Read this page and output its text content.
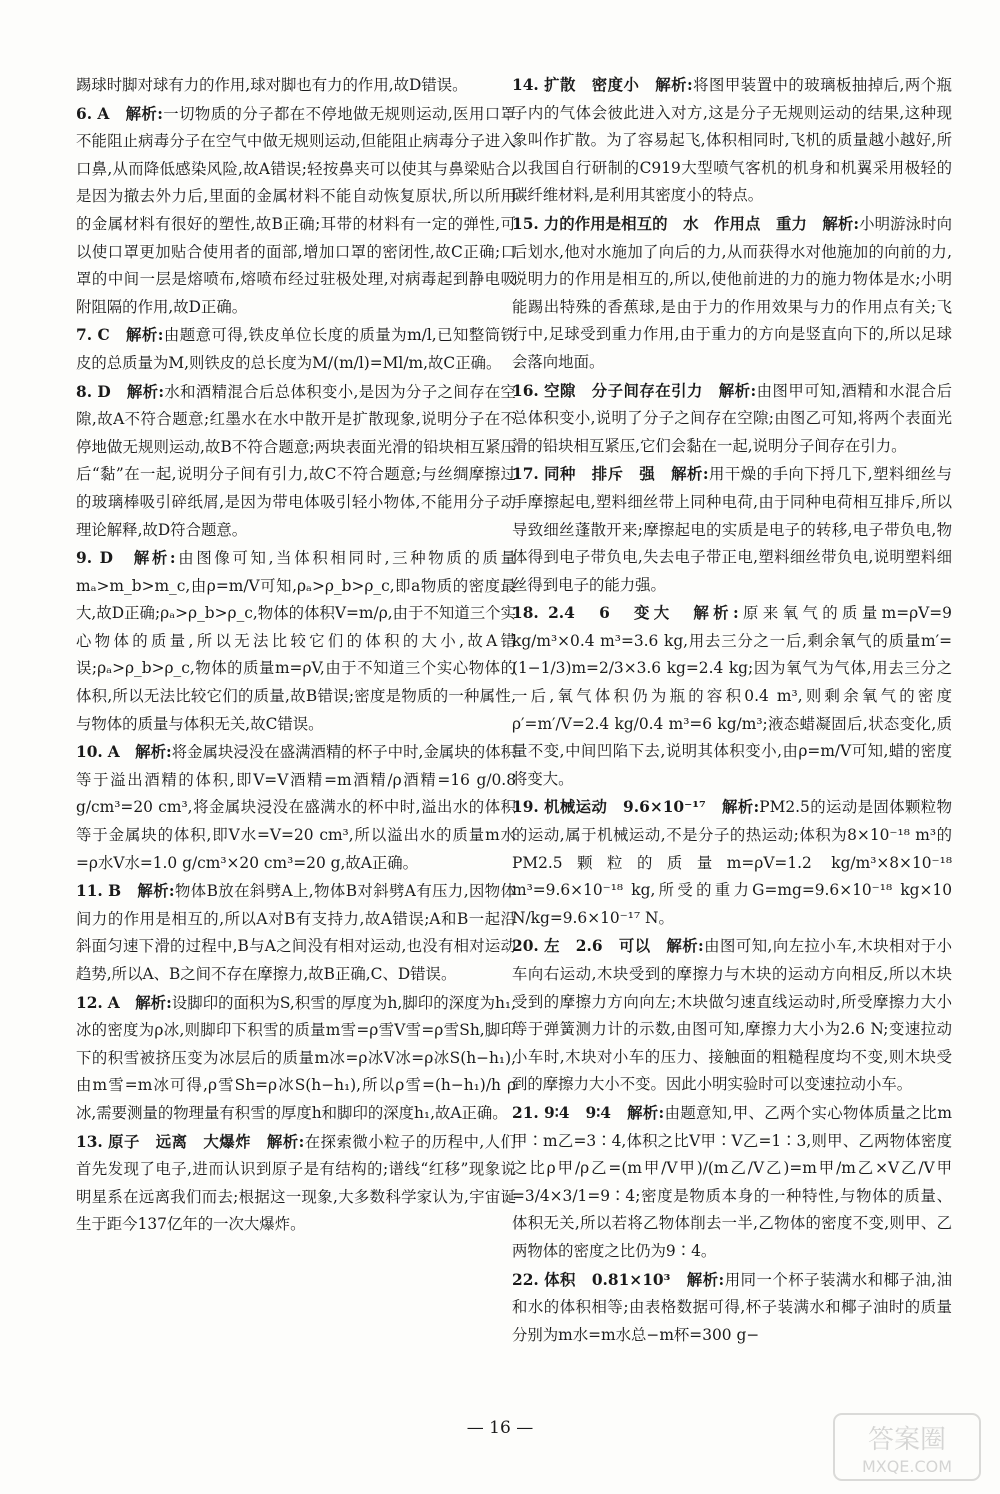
踢球时脚对球有力的作用,球对脚也有力的作用,故D错误。
6. A　 解析:一切物质的分子都在不停地做无规则运动,医用口罩不能阻止病毒分子在空气中做无规则运动,但能阻止病毒分子进入口鼻,从而降低感染风险,故A错误;轻按鼻夹可以使其与鼻梁贴合,是因为撤去外力后,里面的金属材料不能自动恢复原状,所以所用的金属材料有很好的塑性,故B正确;耳带的材料有一定的弹性,可以使口罩更加贴合使用者的面部,增加口罩的密闭性,故C正确;口罩的中间一层是熔喷布,熔喷布经过驻极处理,对病毒起到静电吸附阻隔的作用,故D正确。
7. C　 解析:由题意可得,铁皮单位长度的质量为m/l,已知整筒铁皮的总质量为M,则铁皮的总长度为M/(m/l)=Ml/m,故C正确。
8. D　 解析:水和酒精混合后总体积变小,是因为分子之间存在空隙,故A不符合题意;红墨水在水中散开是扩散现象,说明分子在不停地做无规则运动,故B不符合题意;两块表面光滑的铅块相互紧压后“黏”在一起,说明分子间有引力,故C不符合题意;与丝绸摩擦过的玻璃棒吸引碎纸屑,是因为带电体吸引轻小物体,不能用分子动理论解释,故D符合题意。
9. D　 解析:由图像可知,当体积相同时,三种物质的质量mₐ>m_b>m_c,由ρ=m/V可知,ρₐ>ρ_b>ρ_c,即a物质的密度最大,故D正确;ρₐ>ρ_b>ρ_c,物体的体积V=m/ρ,由于不知道三个实心物体的质量,所以无法比较它们的体积的大小,故A错误;ρₐ>ρ_b>ρ_c,物体的质量m=ρV,由于不知道三个实心物体的体积,所以无法比较它们的质量,故B错误;密度是物质的一种属性,与物体的质量与体积无关,故C错误。
10. A　 解析:将金属块浸没在盛满酒精的杯子中时,金属块的体积等于溢出酒精的体积,即V=V酒精=m酒精/ρ酒精=16 g/0.8 g/cm³=20 cm³,将金属块浸没在盛满水的杯中时,溢出水的体积等于金属块的体积,即V水=V=20 cm³,所以溢出水的质量m水=ρ水V水=1.0 g/cm³×20 cm³=20 g,故A正确。
11. B　 解析:物体B放在斜劈A上,物体B对斜劈A有压力,因物体间力的作用是相互的,所以A对B有支持力,故A错误;A和B一起沿斜面匀速下滑的过程中,B与A之间没有相对运动,也没有相对运动趋势,所以A、B之间不存在摩擦力,故B正确,C、D错误。
12. A　 解析:设脚印的面积为S,积雪的厚度为h,脚印的深度为h₁,冰的密度为ρ冰,则脚印下积雪的质量m雪=ρ雪V雪=ρ雪Sh,脚印下的积雪被挤压变为冰层后的质量m冰=ρ冰V冰=ρ冰S(h−h₁),由m雪=m冰可得,ρ雪Sh=ρ冰S(h−h₁),所以ρ雪=(h−h₁)/h ρ冰,需要测量的物理量有积雪的厚度h和脚印的深度h₁,故A正确。
13. 原子　远离　大爆炸　 解析:在探索微小粒子的历程中,人们首先发现了电子,进而认识到原子是有结构的;谱线“红移”现象说明星系在远离我们而去;根据这一现象,大多数科学家认为,宇宙诞生于距今137亿年的一次大爆炸。
14. 扩散　密度小　 解析:将图甲装置中的玻璃板抽掉后,两个瓶子内的气体会彼此进入对方,这是分子无规则运动的结果,这种现象叫作扩散。为了容易起飞,体积相同时,飞机的质量越小越好,所以我国自行研制的C919大型喷气客机的机身和机翼采用极轻的碳纤维材料,是利用其密度小的特点。
15. 力的作用是相互的　水　作用点　重力　 解析:小明游泳时向后划水,他对水施加了向后的力,从而获得水对他施加的向前的力,说明力的作用是相互的,所以,使他前进的力的施力物体是水;小明能踢出特殊的香蕉球,是由于力的作用效果与力的作用点有关;飞行中,足球受到重力作用,由于重力的方向是竖直向下的,所以足球会落向地面。
16. 空隙　分子间存在引力　 解析:由图甲可知,酒精和水混合后总体积变小,说明了分子之间存在空隙;由图乙可知,将两个表面光滑的铅块相互紧压,它们会黏在一起,说明分子间存在引力。
17. 同种　排斥　强　 解析:用干燥的手向下捋几下,塑料细丝与手摩擦起电,塑料细丝带上同种电荷,由于同种电荷相互排斥,所以导致细丝蓬散开来;摩擦起电的实质是电子的转移,电子带负电,物体得到电子带负电,失去电子带正电,塑料细丝带负电,说明塑料细丝得到电子的能力强。
18. 2.4　6　变大　 解析:原来氧气的质量m=ρV=9 kg/m³×0.4 m³=3.6 kg,用去三分之一后,剩余氧气的质量m′=(1−1/3)m=2/3×3.6 kg=2.4 kg;因为氧气为气体,用去三分之一后,氧气体积仍为瓶的容积0.4 m³,则剩余氧气的密度ρ′=m′/V=2.4 kg/0.4 m³=6 kg/m³;液态蜡凝固后,状态变化,质量不变,中间凹陷下去,说明其体积变小,由ρ=m/V可知,蜡的密度将变大。
19. 机械运动　9.6×10⁻¹⁷　 解析:PM2.5的运动是固体颗粒物的运动,属于机械运动,不是分子的热运动;体积为8×10⁻¹⁸ m³的PM2.5颗粒的质量m=ρV=1.2 kg/m³×8×10⁻¹⁸ m³=9.6×10⁻¹⁸ kg,所受的重力G=mg=9.6×10⁻¹⁸ kg×10 N/kg=9.6×10⁻¹⁷ N。
20. 左　2.6　可以　 解析:由图可知,向左拉小车,木块相对于小车向右运动,木块受到的摩擦力与木块的运动方向相反,所以木块受到的摩擦力方向向左;木块做匀速直线运动时,所受摩擦力大小等于弹簧测力计的示数,由图可知,摩擦力大小为2.6 N;变速拉动小车时,木块对小车的压力、接触面的粗糙程度均不变,则木块受到的摩擦力大小不变。因此小明实验时可以变速拉动小车。
21. 9∶4　9∶4　 解析:由题意知,甲、乙两个实心物体质量之比m甲∶m乙=3∶4,体积之比V甲∶V乙=1∶3,则甲、乙两物体密度之比ρ甲/ρ乙=(m甲/V甲)/(m乙/V乙)=m甲/m乙×V乙/V甲=3/4×3/1=9∶4;密度是物质本身的一种特性,与物体的质量、体积无关,所以若将乙物体削去一半,乙物体的密度不变,则甲、乙两物体的密度之比仍为9∶4。
22. 体积　0.81×10³　 解析:用同一个杯子装满水和椰子油,油和水的体积相等;由表格数据可得,杯子装满水和椰子油时的质量分别为m水=m水总−m杯=300 g−
— 16 —	答案圈
MXQE.COM
